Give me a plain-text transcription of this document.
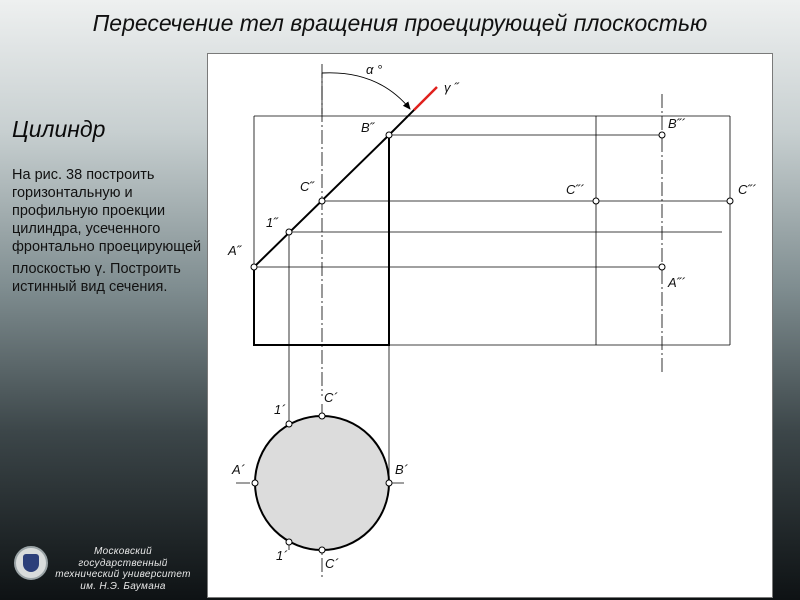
Пересечение тел вращения проецирующей плоскостью
Цилиндр

На рис. 38 построить горизонтальную и профильную проекции цилиндра, усеченного фронтально проецирующей

плоскостью γ. Построить истинный вид сечения.

α °
γ ˝
B˝
C˝
1˝
A˝
B˝´
C˝´	C˝´
A˝´
C´
1´
A´	B´
1´
C´
Московский государственный
технический университет
им. Н.Э. Баумана
